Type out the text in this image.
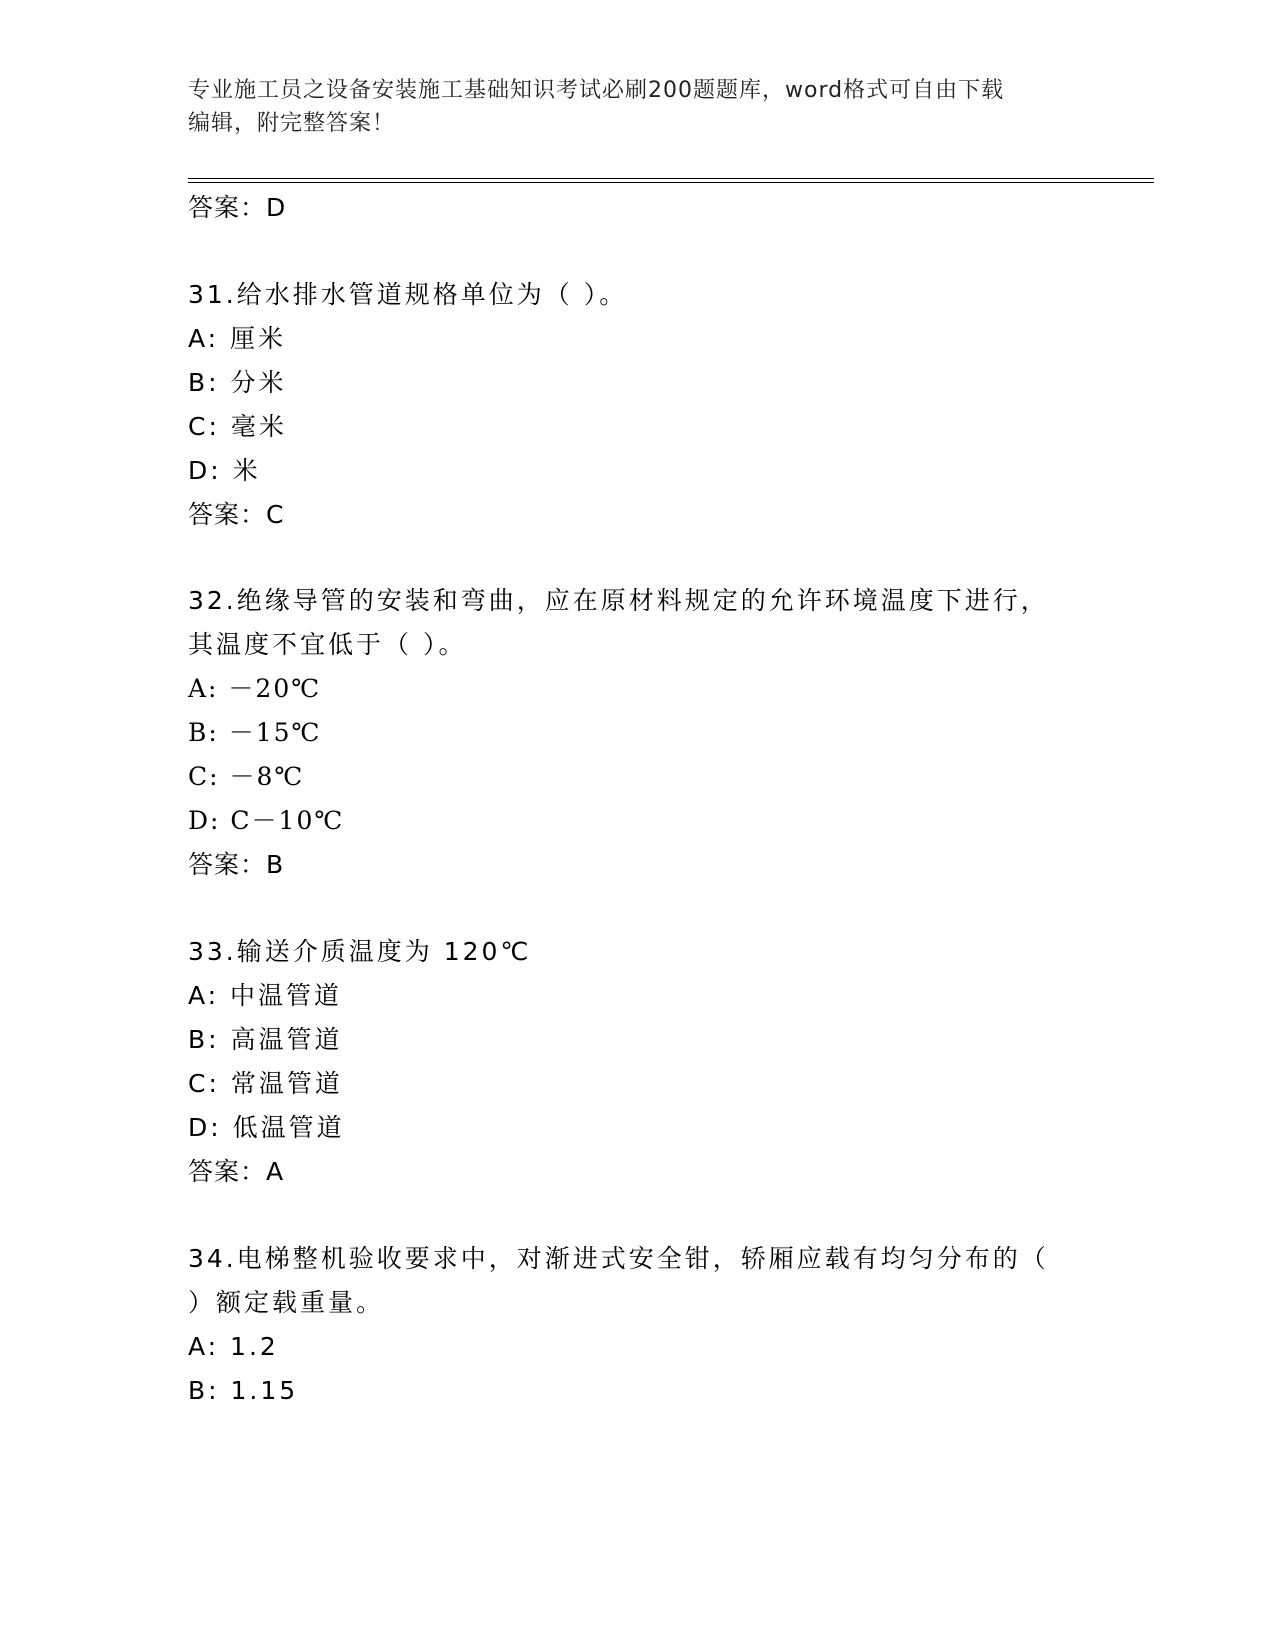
专业施工员之设备安装施工基础知识考试必刷200题题库，word格式可自由下载
编辑，附完整答案！
答案：D
31.给水排水管道规格单位为（ ）。
A: 厘米
B: 分米
C: 毫米
D: 米
答案：C
32.绝缘导管的安装和弯曲，应在原材料规定的允许环境温度下进行，
其温度不宜低于（ ）。
A: －20℃
B: －15℃
C: －8℃
D: C－10℃
答案：B
33.输送介质温度为 120℃
A: 中温管道
B: 高温管道
C: 常温管道
D: 低温管道
答案：A
34.电梯整机验收要求中，对渐进式安全钳，轿厢应载有均匀分布的（
）额定载重量。
A: 1.2
B: 1.15
